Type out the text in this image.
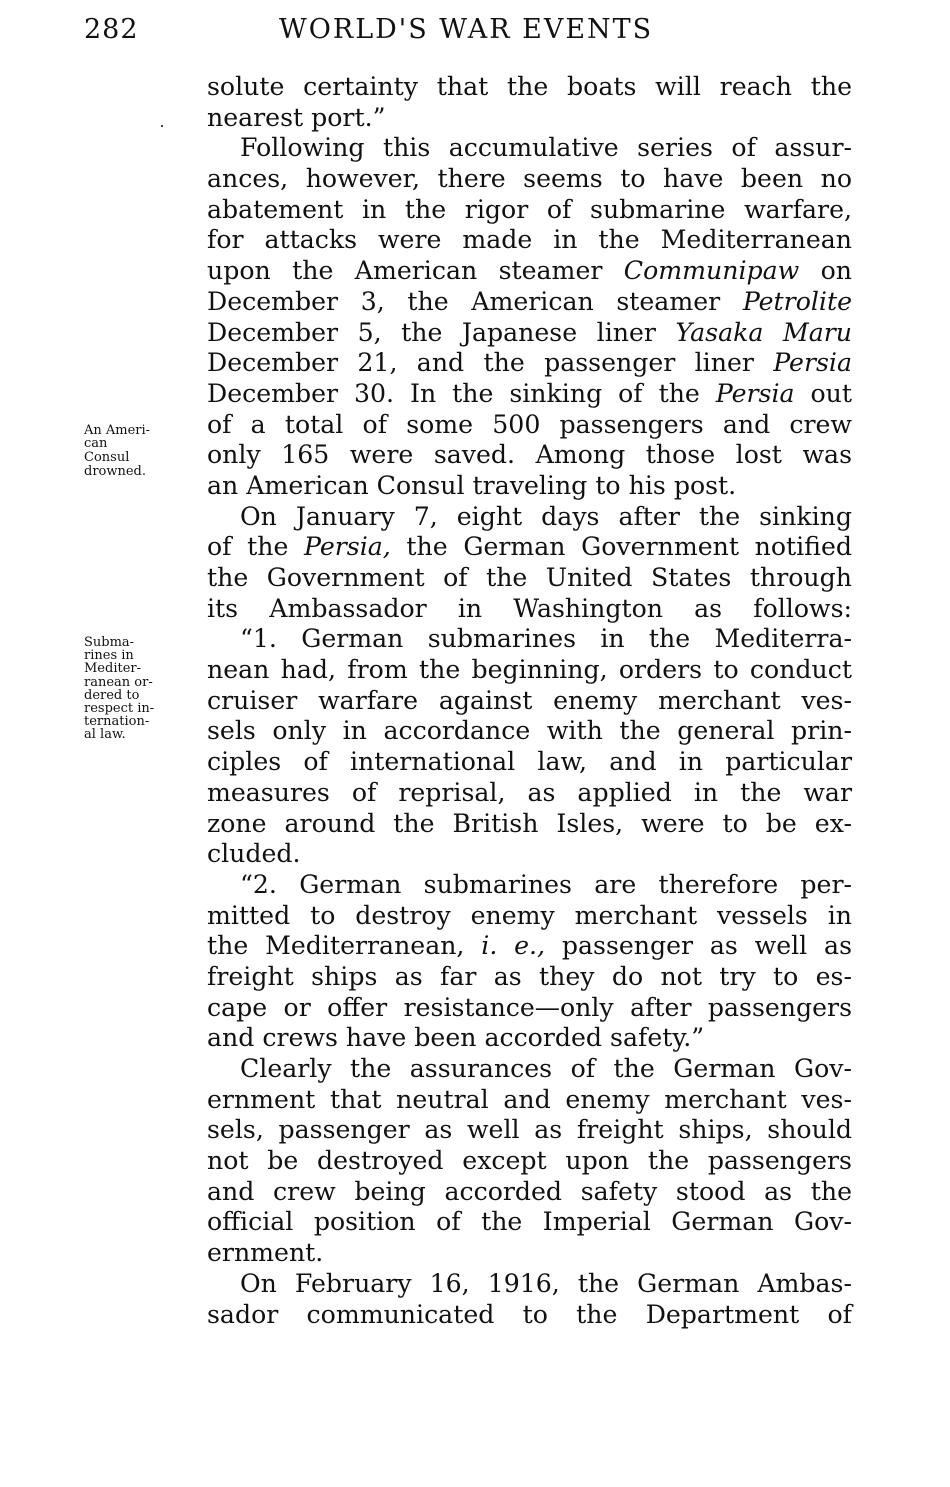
282	WORLD'S WAR EVENTS
An Ameri-
can
Consul
drowned.
Subma-
rines in
Mediter-
ranean or-
dered to
respect in-
ternation-
al law.
solute certainty that the boats will reach the
nearest port.”
Following this accumulative series of assur-
ances, however, there seems to have been no
abatement in the rigor of submarine warfare,
for attacks were made in the Mediterranean
upon the American steamer Communipaw on
December 3, the American steamer Petrolite
December 5, the Japanese liner Yasaka Maru
December 21, and the passenger liner Persia
December 30. In the sinking of the Persia out
of a total of some 500 passengers and crew
only 165 were saved. Among those lost was
an American Consul traveling to his post.
On January 7, eight days after the sinking
of the Persia, the German Government notified
the Government of the United States through
its Ambassador in Washington as follows:
“1. German submarines in the Mediterra-
nean had, from the beginning, orders to conduct
cruiser warfare against enemy merchant ves-
sels only in accordance with the general prin-
ciples of international law, and in particular
measures of reprisal, as applied in the war
zone around the British Isles, were to be ex-
cluded.
“2. German submarines are therefore per-
mitted to destroy enemy merchant vessels in
the Mediterranean, i. e., passenger as well as
freight ships as far as they do not try to es-
cape or offer resistance—only after passengers
and crews have been accorded safety.”
Clearly the assurances of the German Gov-
ernment that neutral and enemy merchant ves-
sels, passenger as well as freight ships, should
not be destroyed except upon the passengers
and crew being accorded safety stood as the
official position of the Imperial German Gov-
ernment.
On February 16, 1916, the German Ambas-
sador communicated to the Department of
